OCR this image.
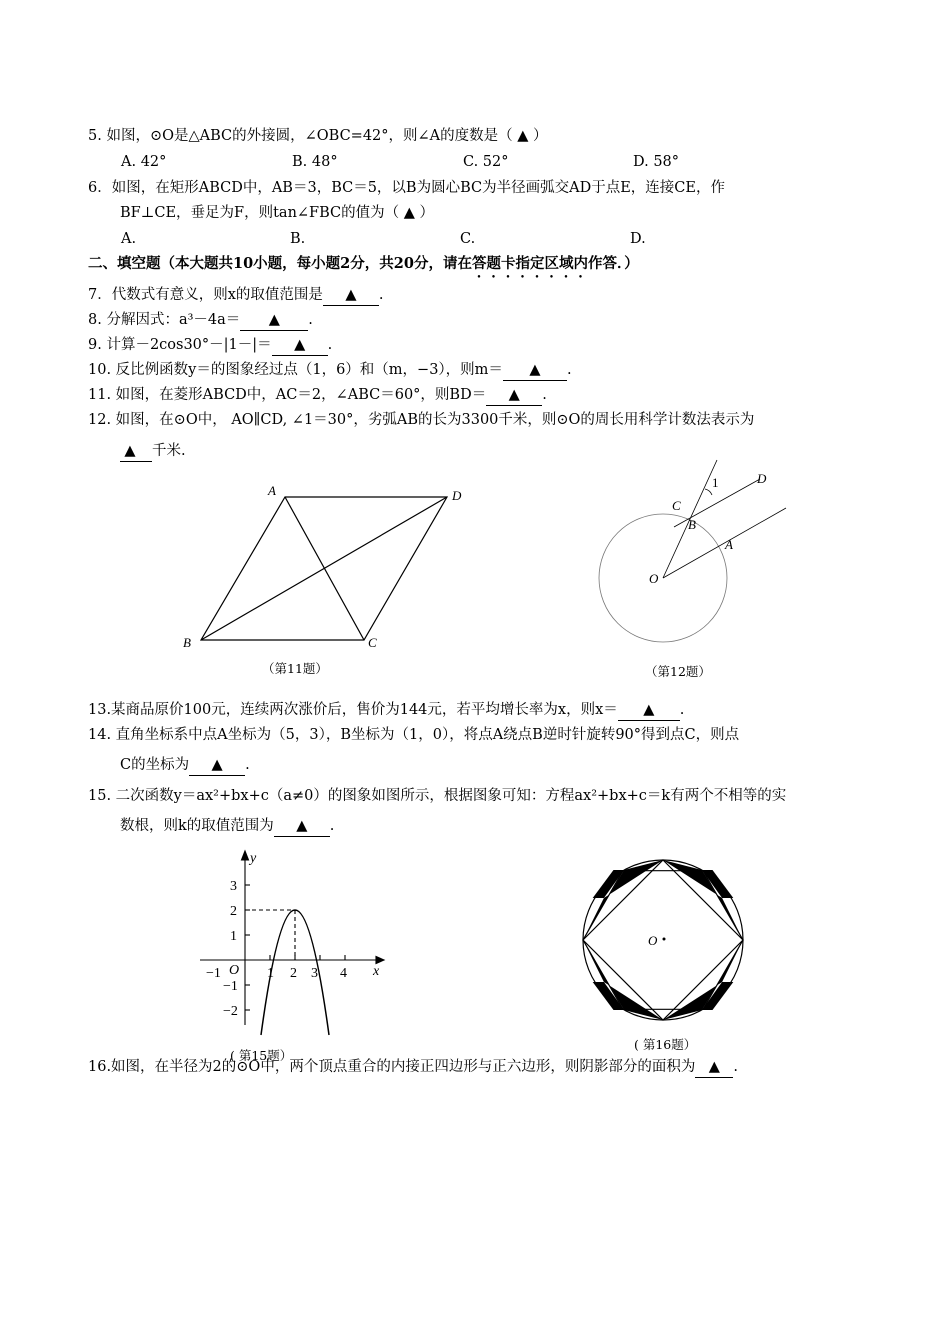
5. 如图，⊙O是△ABC的外接圆，∠OBC=42°，则∠A的度数是（ ▲ ）
A. 42°	B. 48°	C. 52°	D. 58°
6．如图，在矩形ABCD中，AB＝3，BC＝5，以B为圆心BC为半径画弧交AD于点E，连接CE，作
BF⊥CE，垂足为F，则tan∠FBC的值为（ ▲ ）
A.	B.	C.	D.
二、填空题（本大题共10小题，每小题2分，共20分，请在答题卡指定区域内作答．）
7．代数式有意义，则x的取值范围是 ▲ .
8. 分解因式：a³－4a＝ ▲ .
9. 计算－2cos30°－|1－|＝ ▲ .
10. 反比例函数y＝的图象经过点（1，6）和（m，−3），则m＝ ▲ .
11. 如图，在菱形ABCD中，AC＝2，∠ABC＝60°，则BD＝ ▲ .
12. 如图，在⊙O中， AO∥CD, ∠1＝30°，劣弧AB的长为3300千米，则⊙O的周长用科学计数法表示为
▲ 千米.
A	D
B	C
D
1
C
B
A
O
y
x
O
−1	1 2 3 4
3
2
1
−1
−2
O
（第11题）	（第12题）
13.某商品原价100元，连续两次涨价后，售价为144元，若平均增长率为x，则x＝ ▲ .
14. 直角坐标系中点A坐标为（5，3），B坐标为（1，0），将点A绕点B逆时针旋转90°得到点C，则点
C的坐标为 ▲ .
15. 二次函数y＝ax²+bx+c（a≠0）的图象如图所示，根据图象可知：方程ax²+bx+c＝k有两个不相等的实
数根，则k的取值范围为 ▲ .
( 第15题）
( 第16题）
16.如图，在半径为2的⊙O中，两个顶点重合的内接正四边形与正六边形，则阴影部分的面积为 ▲ .
